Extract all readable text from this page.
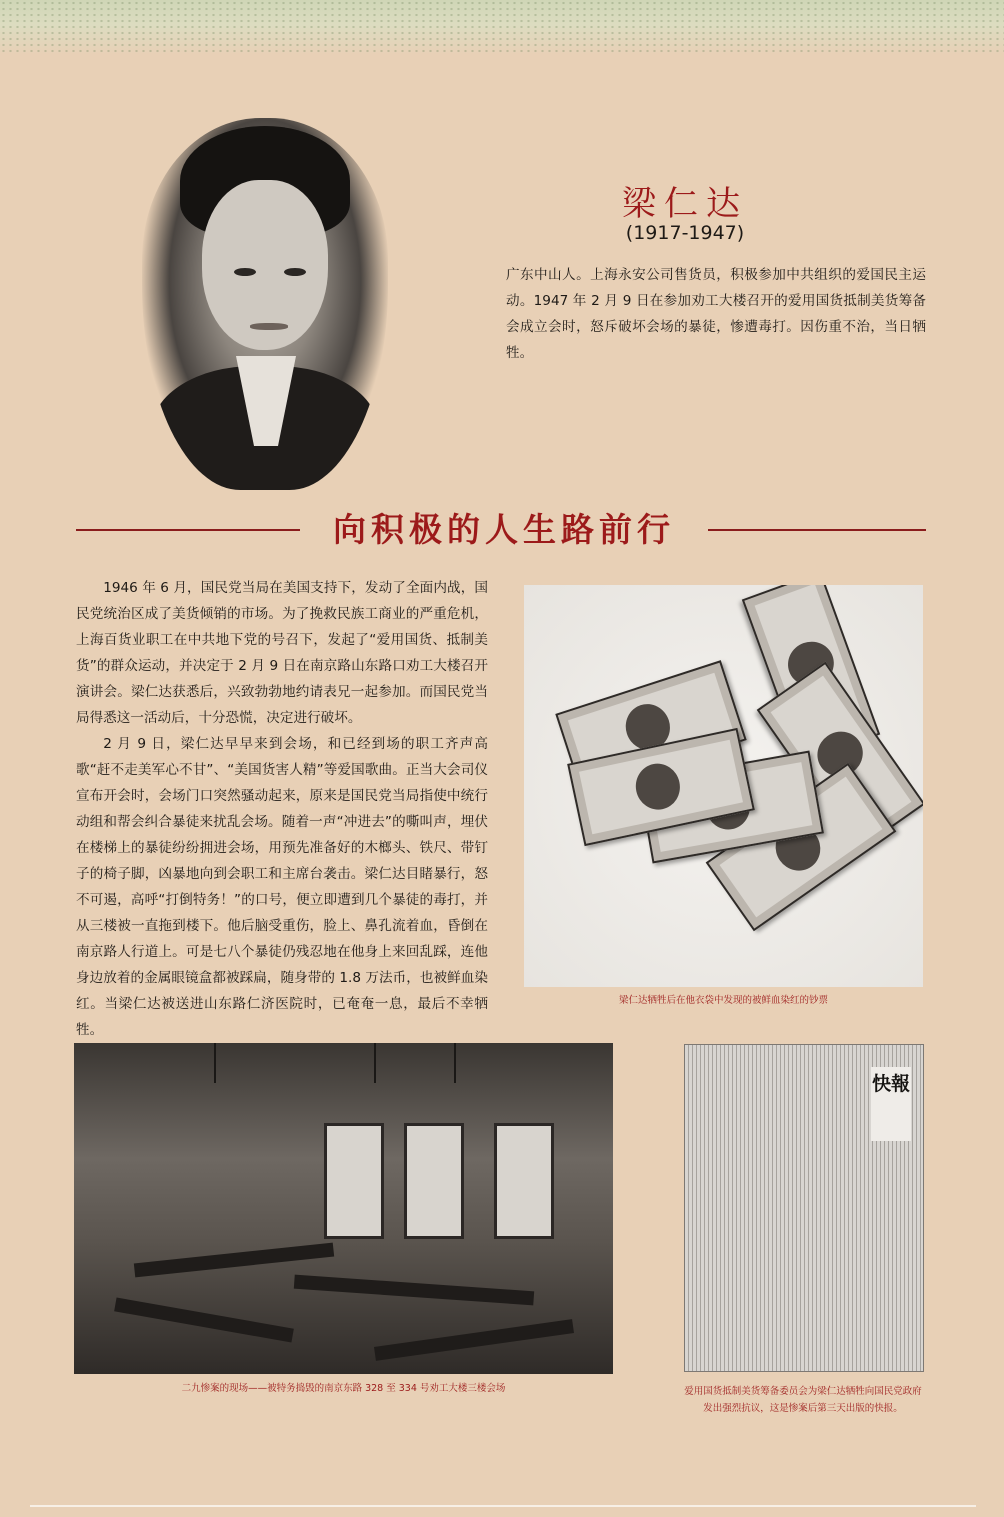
梁仁达
(1917-1947)

广东中山人。上海永安公司售货员，积极参加中共组织的爱国民主运动。1947 年 2 月 9 日在参加劝工大楼召开的爱用国货抵制美货筹备会成立会时，怒斥破坏会场的暴徒，惨遭毒打。因伤重不治，当日牺牲。

向积极的人生路前行

1946 年 6 月，国民党当局在美国支持下，发动了全面内战，国民党统治区成了美货倾销的市场。为了挽救民族工商业的严重危机，上海百货业职工在中共地下党的号召下，发起了“爱用国货、抵制美货”的群众运动，并决定于 2 月 9 日在南京路山东路口劝工大楼召开演讲会。梁仁达获悉后，兴致勃勃地约请表兄一起参加。而国民党当局得悉这一活动后，十分恐慌，决定进行破坏。

2 月 9 日，梁仁达早早来到会场，和已经到场的职工齐声高歌“赶不走美军心不甘”、“美国货害人精”等爱国歌曲。正当大会司仪宣布开会时，会场门口突然骚动起来，原来是国民党当局指使中统行动组和帮会纠合暴徒来扰乱会场。随着一声“冲进去”的嘶叫声，埋伏在楼梯上的暴徒纷纷拥进会场，用预先准备好的木榔头、铁尺、带钉子的椅子脚，凶暴地向到会职工和主席台袭击。梁仁达目睹暴行，怒不可遏，高呼“打倒特务！”的口号，便立即遭到几个暴徒的毒打，并从三楼被一直拖到楼下。他后脑受重伤，脸上、鼻孔流着血，昏倒在南京路人行道上。可是七八个暴徒仍残忍地在他身上来回乱踩，连他身边放着的金属眼镜盒都被踩扁，随身带的 1.8 万法币，也被鲜血染红。当梁仁达被送进山东路仁济医院时，已奄奄一息，最后不幸牺牲。

梁仁达牺牲后在他衣袋中发现的被鲜血染红的钞票

二九惨案的现场——被特务捣毁的南京东路 328 至 334 号劝工大楼三楼会场

快報

爱用国货抵制美货筹备委员会为梁仁达牺牲向国民党政府发出强烈抗议，这是惨案后第三天出版的快报。
